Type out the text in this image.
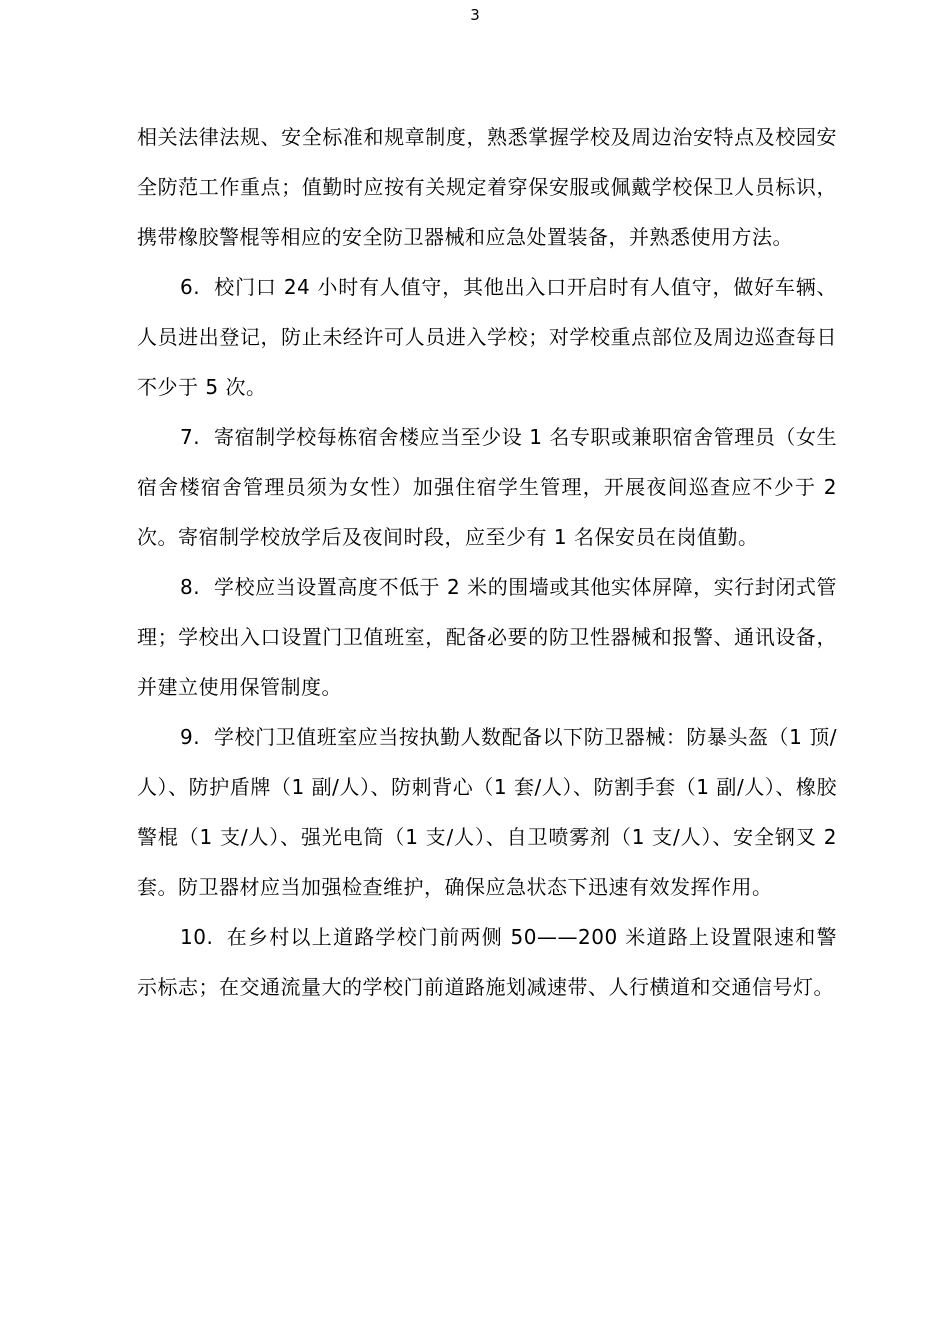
3

相关法律法规、安全标准和规章制度，熟悉掌握学校及周边治安特点及校园安全防范工作重点；值勤时应按有关规定着穿保安服或佩戴学校保卫人员标识，携带橡胶警棍等相应的安全防卫器械和应急处置装备，并熟悉使用方法。

6. 校门口 24 小时有人值守，其他出入口开启时有人值守，做好车辆、人员进出登记，防止未经许可人员进入学校；对学校重点部位及周边巡查每日不少于 5 次。

7. 寄宿制学校每栋宿舍楼应当至少设 1 名专职或兼职宿舍管理员（女生宿舍楼宿舍管理员须为女性）加强住宿学生管理，开展夜间巡查应不少于 2 次。寄宿制学校放学后及夜间时段，应至少有 1 名保安员在岗值勤。

8. 学校应当设置高度不低于 2 米的围墙或其他实体屏障，实行封闭式管理；学校出入口设置门卫值班室，配备必要的防卫性器械和报警、通讯设备，并建立使用保管制度。

9. 学校门卫值班室应当按执勤人数配备以下防卫器械：防暴头盔（1 顶/人）、防护盾牌（1 副/人）、防刺背心（1 套/人）、防割手套（1 副/人）、橡胶警棍（1 支/人）、强光电筒（1 支/人）、自卫喷雾剂（1 支/人）、安全钢叉 2 套。防卫器材应当加强检查维护，确保应急状态下迅速有效发挥作用。

10. 在乡村以上道路学校门前两侧 50——200 米道路上设置限速和警示标志；在交通流量大的学校门前道路施划减速带、人行横道和交通信号灯。
